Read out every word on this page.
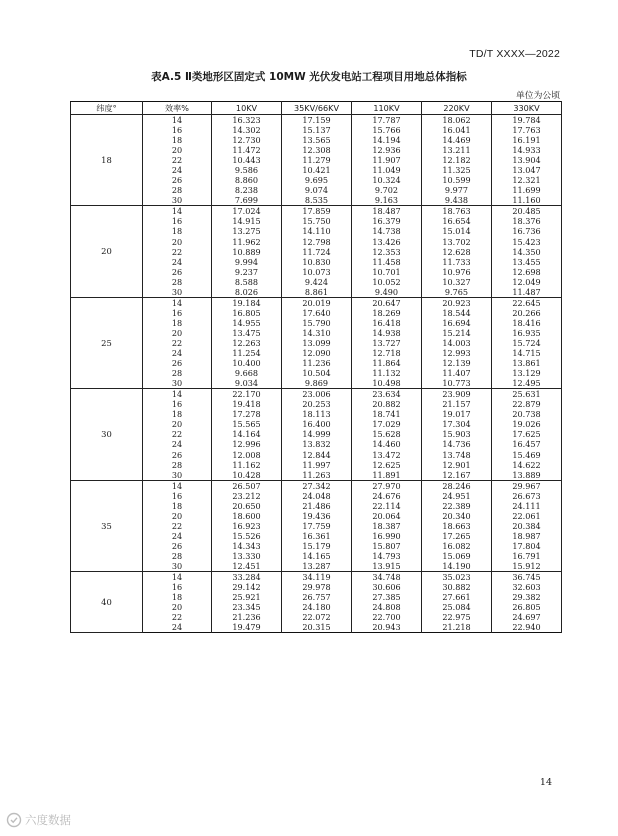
TD/T XXXX—2022
表A.5 Ⅱ类地形区固定式 10MW 光伏发电站工程项目用地总体指标
单位为公顷
纬度°	效率%	10KV	35KV/66KV	110KV	220KV	330KV
18	14	16.323	17.159	17.787	18.062	19.784
	16	14.302	15.137	15.766	16.041	17.763
	18	12.730	13.565	14.194	14.469	16.191
	20	11.472	12.308	12.936	13.211	14.933
	22	10.443	11.279	11.907	12.182	13.904
	24	9.586	10.421	11.049	11.325	13.047
	26	8.860	9.695	10.324	10.599	12.321
	28	8.238	9.074	9.702	9.977	11.699
	30	7.699	8.535	9.163	9.438	11.160
20	14	17.024	17.859	18.487	18.763	20.485
	16	14.915	15.750	16.379	16.654	18.376
	18	13.275	14.110	14.738	15.014	16.736
	20	11.962	12.798	13.426	13.702	15.423
	22	10.889	11.724	12.353	12.628	14.350
	24	9.994	10.830	11.458	11.733	13.455
	26	9.237	10.073	10.701	10.976	12.698
	28	8.588	9.424	10.052	10.327	12.049
	30	8.026	8.861	9.490	9.765	11.487
25	14	19.184	20.019	20.647	20.923	22.645
	16	16.805	17.640	18.269	18.544	20.266
	18	14.955	15.790	16.418	16.694	18.416
	20	13.475	14.310	14.938	15.214	16.935
	22	12.263	13.099	13.727	14.003	15.724
	24	11.254	12.090	12.718	12.993	14.715
	26	10.400	11.236	11.864	12.139	13.861
	28	9.668	10.504	11.132	11.407	13.129
	30	9.034	9.869	10.498	10.773	12.495
30	14	22.170	23.006	23.634	23.909	25.631
	16	19.418	20.253	20.882	21.157	22.879
	18	17.278	18.113	18.741	19.017	20.738
	20	15.565	16.400	17.029	17.304	19.026
	22	14.164	14.999	15.628	15.903	17.625
	24	12.996	13.832	14.460	14.736	16.457
	26	12.008	12.844	13.472	13.748	15.469
	28	11.162	11.997	12.625	12.901	14.622
	30	10.428	11.263	11.891	12.167	13.889
35	14	26.507	27.342	27.970	28.246	29.967
	16	23.212	24.048	24.676	24.951	26.673
	18	20.650	21.486	22.114	22.389	24.111
	20	18.600	19.436	20.064	20.340	22.061
	22	16.923	17.759	18.387	18.663	20.384
	24	15.526	16.361	16.990	17.265	18.987
	26	14.343	15.179	15.807	16.082	17.804
	28	13.330	14.165	14.793	15.069	16.791
	30	12.451	13.287	13.915	14.190	15.912
40	14	33.284	34.119	34.748	35.023	36.745
	16	29.142	29.978	30.606	30.882	32.603
	18	25.921	26.757	27.385	27.661	29.382
	20	23.345	24.180	24.808	25.084	26.805
	22	21.236	22.072	22.700	22.975	24.697
	24	19.479	20.315	20.943	21.218	22.940
14
六度数据
